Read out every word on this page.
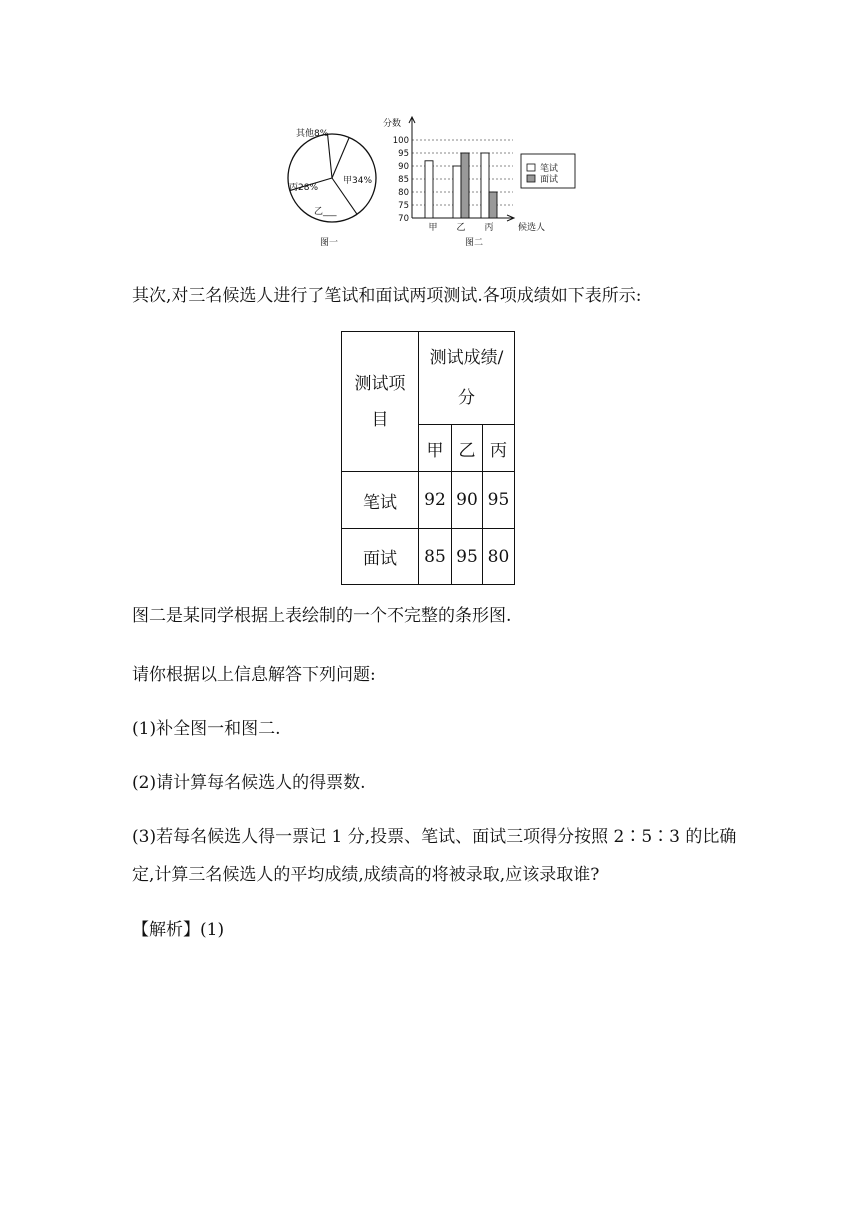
其他8%
甲34%
丙28%
乙___
图一
分数
70
75
80
85
90
95
100
甲 乙 丙	候选人
图二
笔试
面试
其次,对三名候选人进行了笔试和面试两项测试.各项成绩如下表所示:
测试项
目	测试成绩/
分		
	甲	乙	丙
笔试	92	90	95
面试	85	95	80
图二是某同学根据上表绘制的一个不完整的条形图.
请你根据以上信息解答下列问题:
(1)补全图一和图二.
(2)请计算每名候选人的得票数.
(3)若每名候选人得一票记 1 分,投票、笔试、面试三项得分按照 2∶5∶3 的比确
定,计算三名候选人的平均成绩,成绩高的将被录取,应该录取谁?
【解析】(1)
